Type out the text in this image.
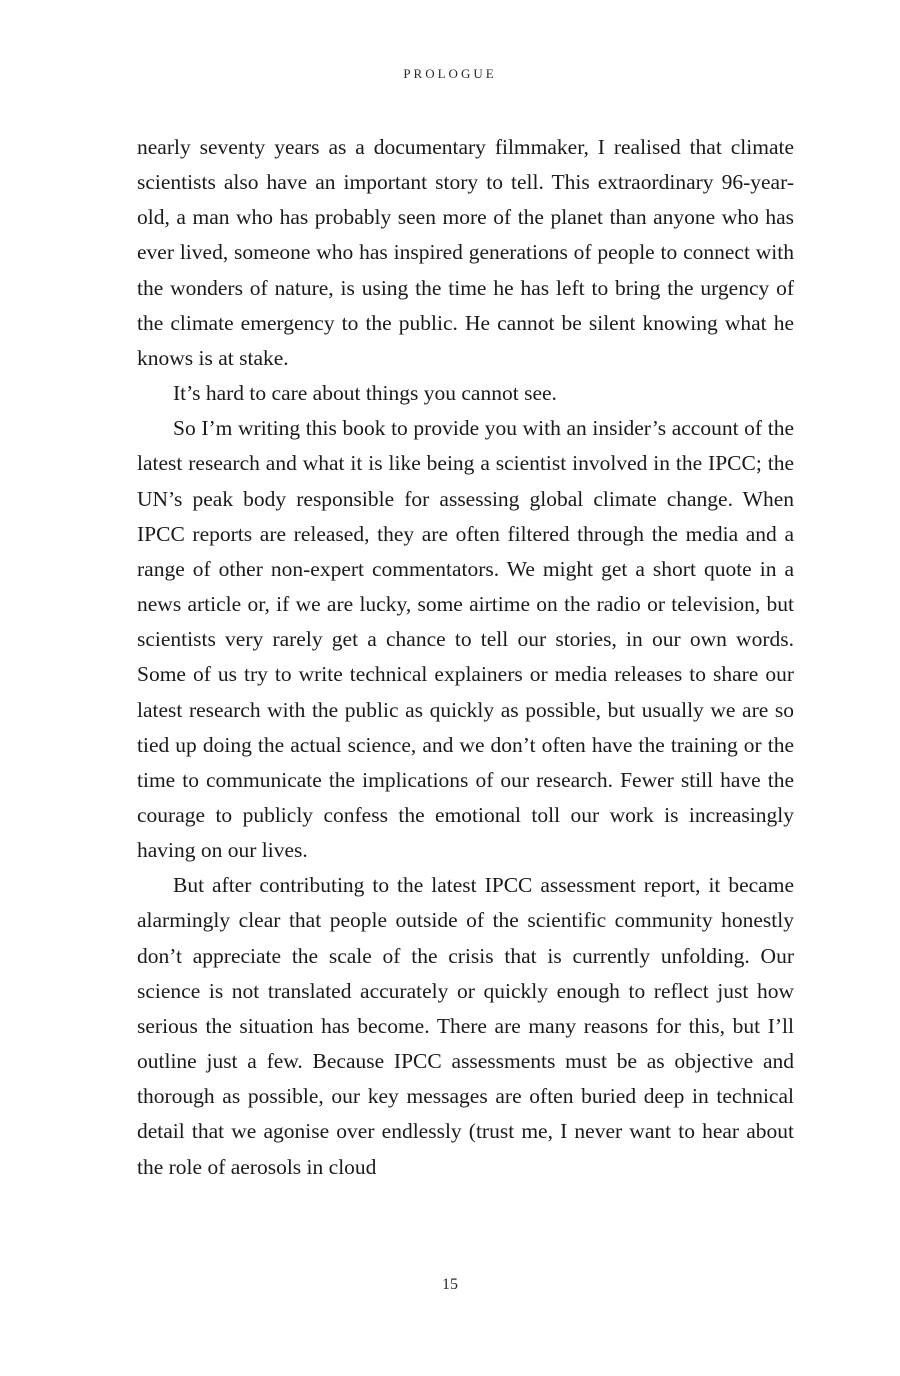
PROLOGUE

nearly seventy years as a documentary filmmaker, I realised that climate scientists also have an important story to tell. This extraordinary 96-year-old, a man who has probably seen more of the planet than anyone who has ever lived, someone who has inspired generations of people to connect with the wonders of nature, is using the time he has left to bring the urgency of the climate emergency to the public. He cannot be silent knowing what he knows is at stake.

It’s hard to care about things you cannot see.

So I’m writing this book to provide you with an insider’s account of the latest research and what it is like being a scientist involved in the IPCC; the UN’s peak body responsible for assessing global climate change. When IPCC reports are released, they are often filtered through the media and a range of other non-expert commentators. We might get a short quote in a news article or, if we are lucky, some airtime on the radio or television, but scientists very rarely get a chance to tell our stories, in our own words. Some of us try to write technical explainers or media releases to share our latest research with the public as quickly as possible, but usually we are so tied up doing the actual science, and we don’t often have the training or the time to communicate the implications of our research. Fewer still have the courage to publicly confess the emotional toll our work is increasingly having on our lives.

But after contributing to the latest IPCC assessment report, it became alarmingly clear that people outside of the scientific community honestly don’t appreciate the scale of the crisis that is currently unfolding. Our science is not translated accurately or quickly enough to reflect just how serious the situation has become. There are many reasons for this, but I’ll outline just a few. Because IPCC assessments must be as objective and thorough as possible, our key messages are often buried deep in technical detail that we agonise over endlessly (trust me, I never want to hear about the role of aerosols in cloud

15
